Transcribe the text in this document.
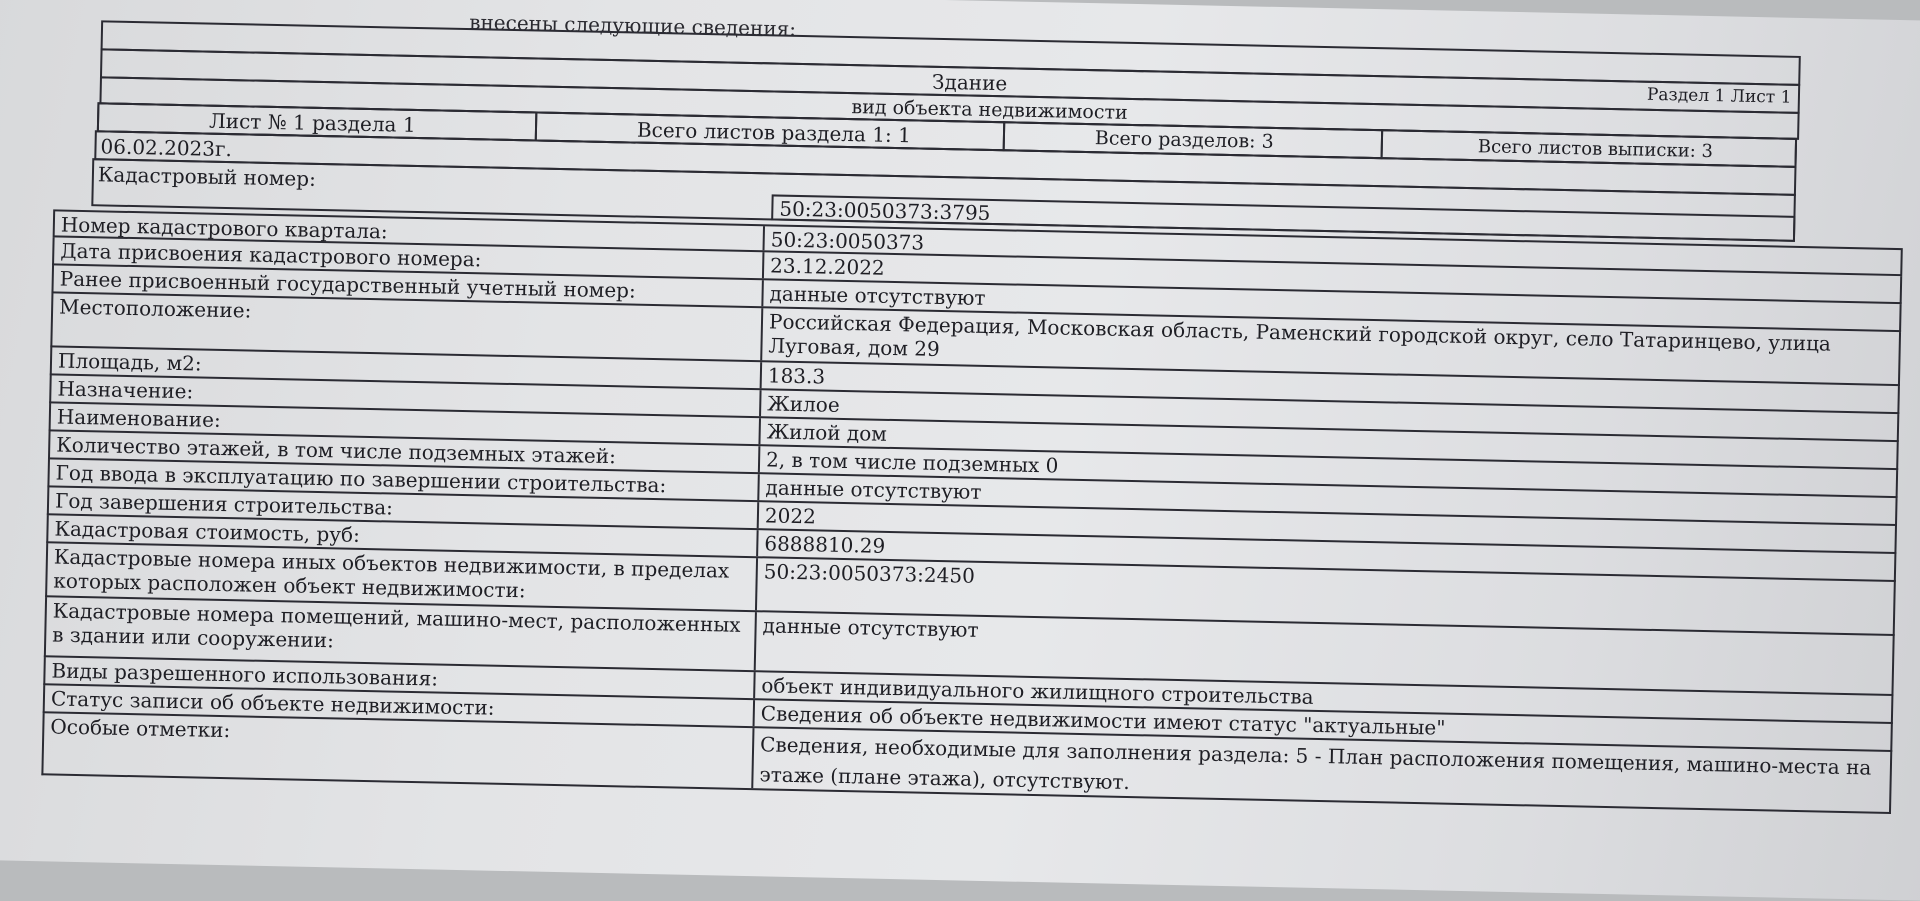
внесены следующие сведения:
Здание
Раздел 1 Лист 1
вид объекта недвижимости
Лист № 1 раздела 1	Всего листов раздела 1: 1	Всего разделов: 3	Всего листов выписки: 3
06.02.2023г.
Кадастровый номер:
50:23:0050373:3795
Номер кадастрового квартала:	50:23:0050373
Дата присвоения кадастрового номера:	23.12.2022
Ранее присвоенный государственный учетный номер:	данные отсутствуют
Местоположение:
Российская Федерация, Московская область, Раменский городской округ, село Татаринцево, улица Луговая, дом 29
Площадь, м2:
183.3
Назначение:
Жилое
Наименование:
Жилой дом
Количество этажей, в том числе подземных этажей:	2, в том числе подземных 0
Год ввода в эксплуатацию по завершении строительства:	данные отсутствуют
Год завершения строительства:	2022
Кадастровая стоимость, руб:	6888810.29
Кадастровые номера иных объектов недвижимости, в пределах которых расположен объект недвижимости:	50:23:0050373:2450
Кадастровые номера помещений, машино-мест, расположенных в здании или сооружении:	данные отсутствуют
Виды разрешенного использования:	объект индивидуального жилищного строительства
Статус записи об объекте недвижимости:	Сведения об объекте недвижимости имеют статус "актуальные"
Особые отметки:
Сведения, необходимые для заполнения раздела: 5 - План расположения помещения, машино-места на этаже (плане этажа), отсутствуют.
